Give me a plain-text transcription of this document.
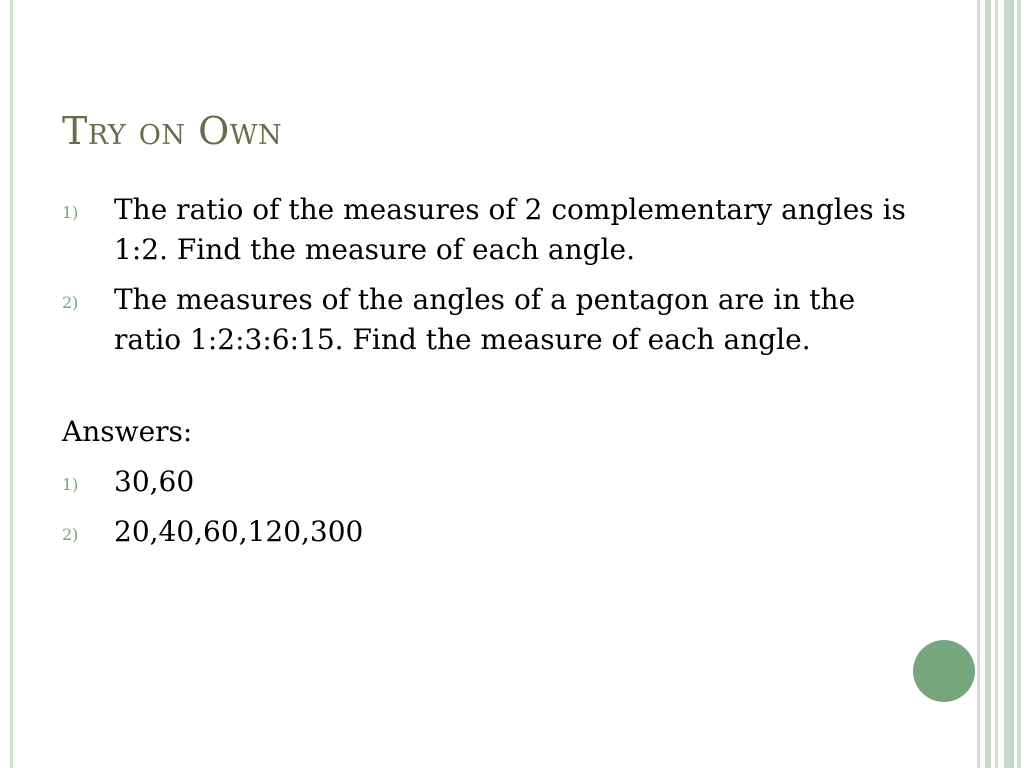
Try on Own
1) The ratio of the measures of 2 complementary angles is 1:2. Find the measure of each angle.
2) The measures of the angles of a pentagon are in the ratio 1:2:3:6:15. Find the measure of each angle.
Answers:
1) 30,60
2) 20,40,60,120,300
